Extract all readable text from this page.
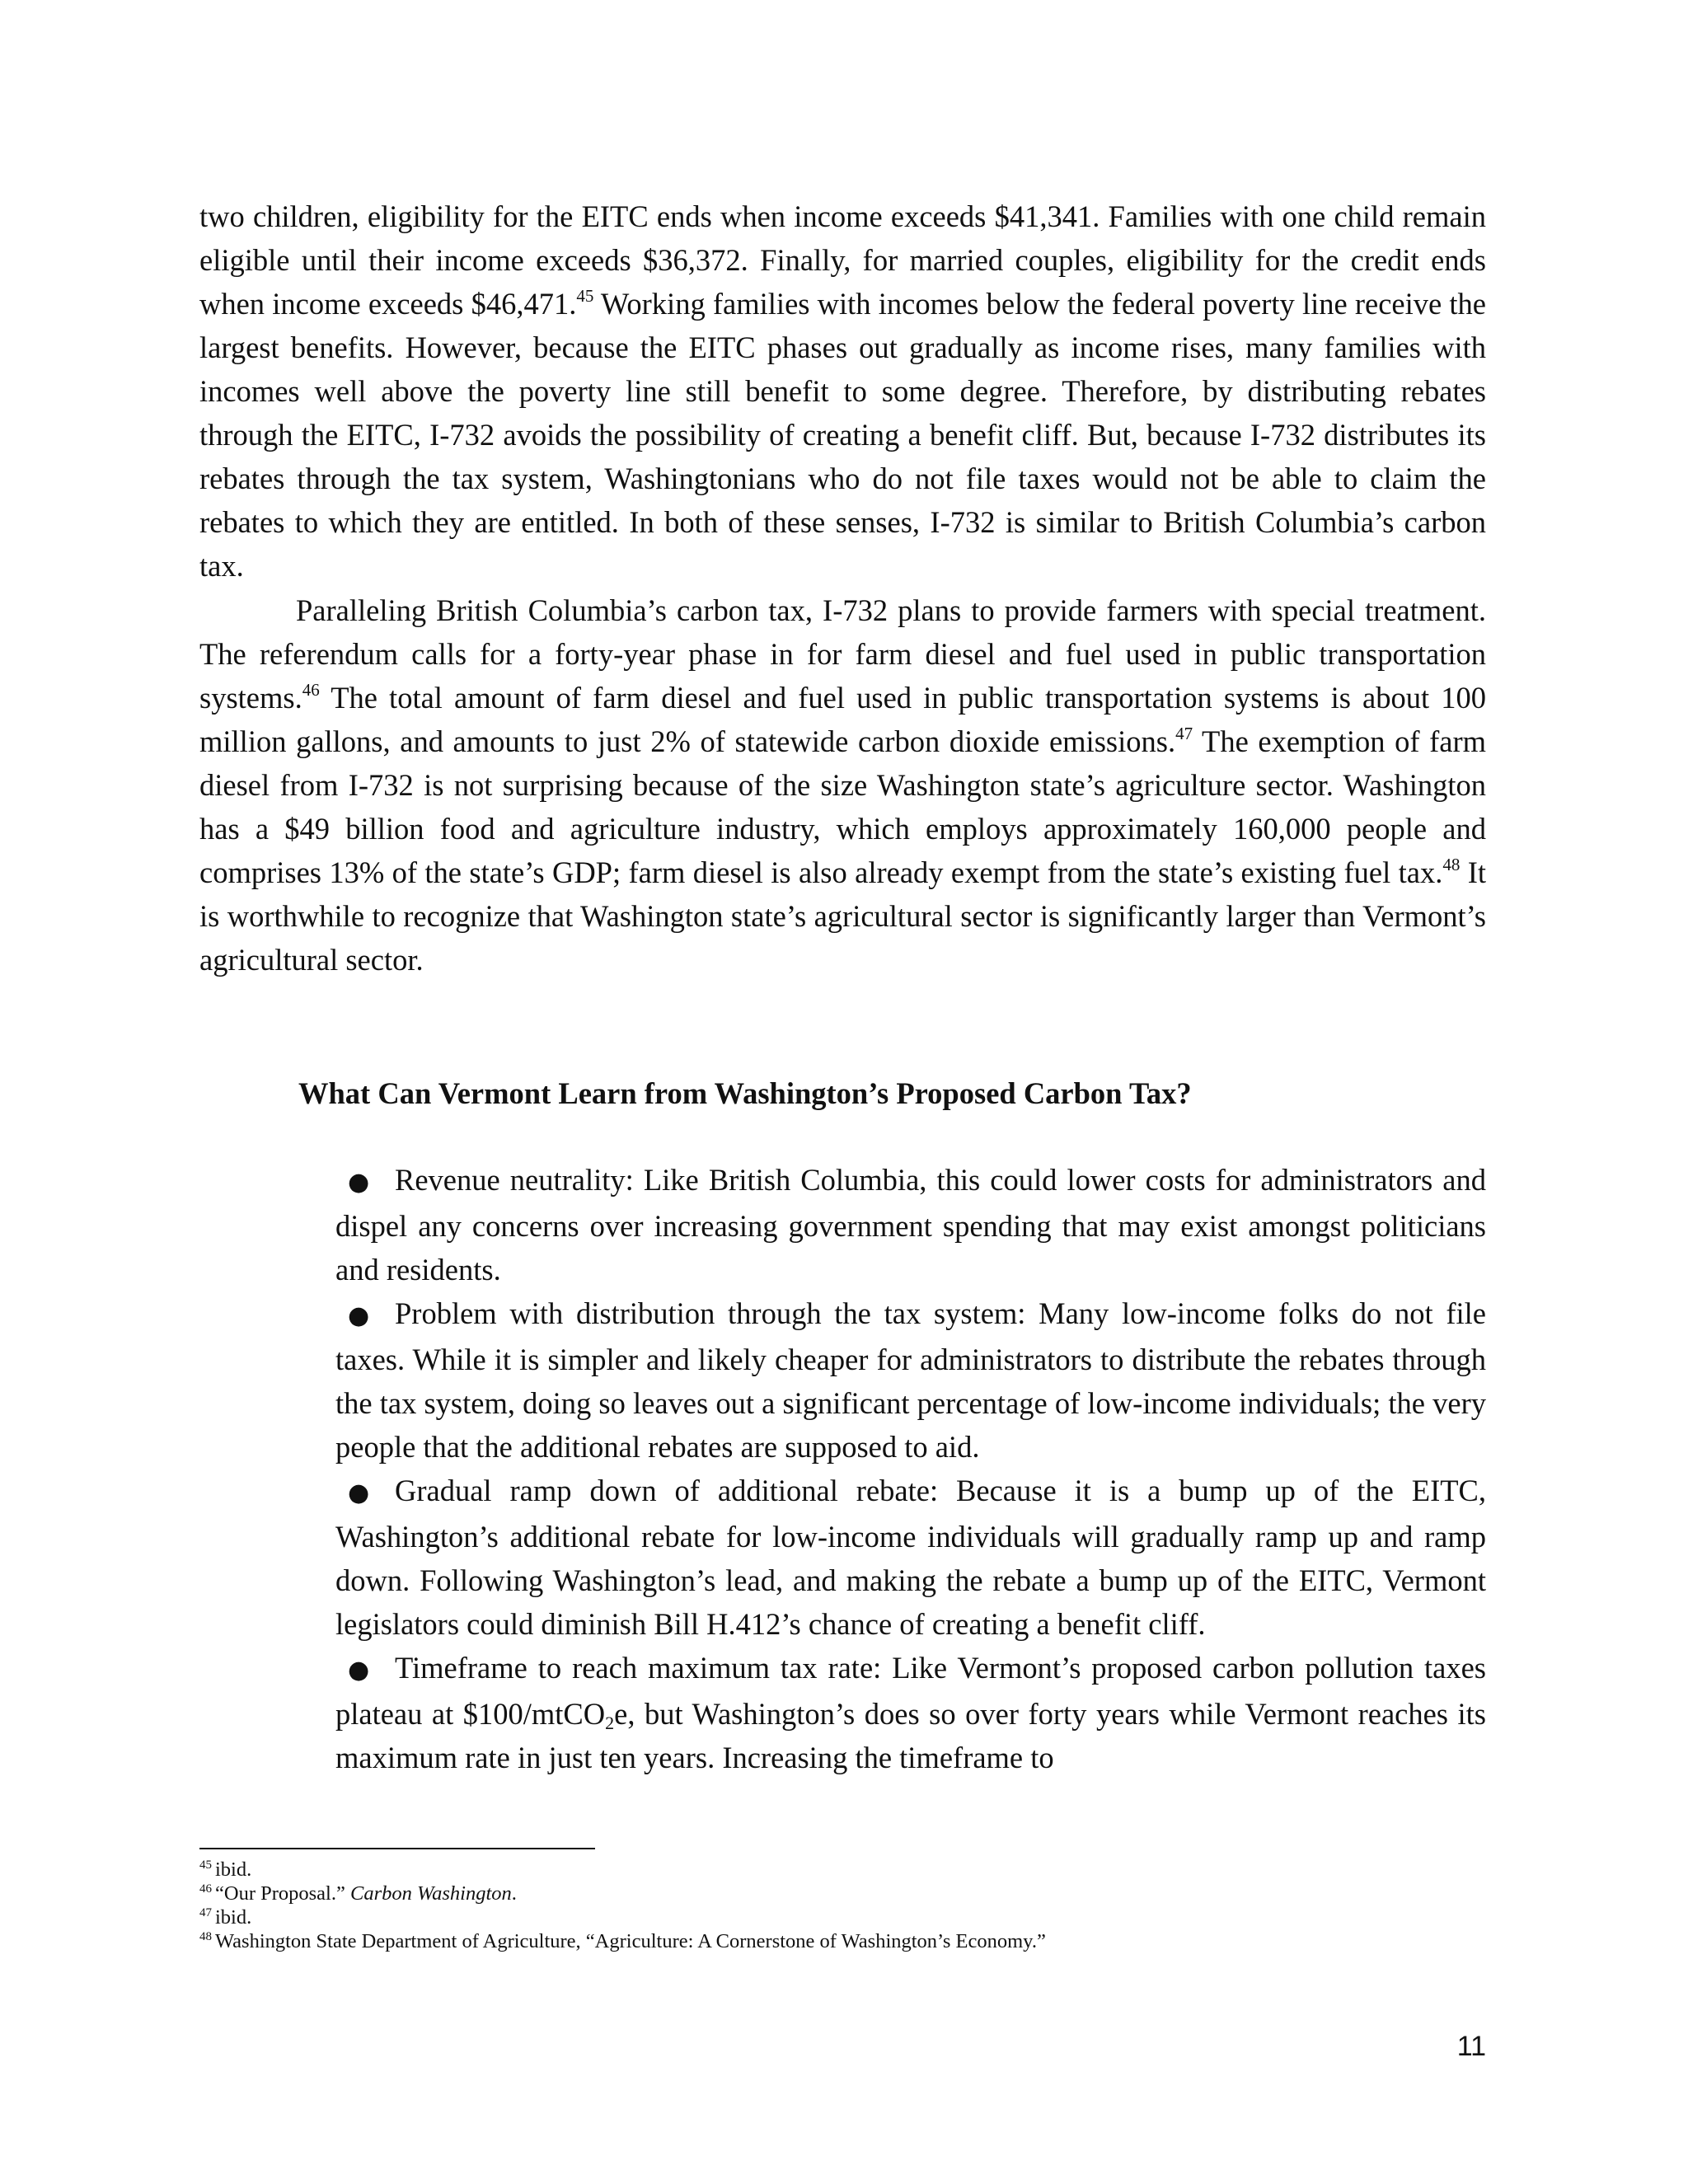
two children, eligibility for the EITC ends when income exceeds $41,341. Families with one child remain eligible until their income exceeds $36,372. Finally, for married couples, eligibility for the credit ends when income exceeds $46,471.45 Working families with incomes below the federal poverty line receive the largest benefits. However, because the EITC phases out gradually as income rises, many families with incomes well above the poverty line still benefit to some degree. Therefore, by distributing rebates through the EITC, I-732 avoids the possibility of creating a benefit cliff. But, because I-732 distributes its rebates through the tax system, Washingtonians who do not file taxes would not be able to claim the rebates to which they are entitled. In both of these senses, I-732 is similar to British Columbia’s carbon tax.
Paralleling British Columbia’s carbon tax, I-732 plans to provide farmers with special treatment. The referendum calls for a forty-year phase in for farm diesel and fuel used in public transportation systems.$^{46}$ The total amount of farm diesel and fuel used in public transportation systems is about 100 million gallons, and amounts to just 2% of statewide carbon dioxide emissions.$^{47}$ The exemption of farm diesel from I-732 is not surprising because of the size Washington state’s agriculture sector. Washington has a $49 billion food and agriculture industry, which employs approximately 160,000 people and comprises 13% of the state’s GDP; farm diesel is also already exempt from the state’s existing fuel tax.$^{48}$ It is worthwhile to recognize that Washington state’s agricultural sector is significantly larger than Vermont’s agricultural sector.
What Can Vermont Learn from Washington’s Proposed Carbon Tax?
● Revenue neutrality: Like British Columbia, this could lower costs for administrators and dispel any concerns over increasing government spending that may exist amongst politicians and residents.
● Problem with distribution through the tax system: Many low-income folks do not file taxes. While it is simpler and likely cheaper for administrators to distribute the rebates through the tax system, doing so leaves out a significant percentage of low-income individuals; the very people that the additional rebates are supposed to aid.
● Gradual ramp down of additional rebate: Because it is a bump up of the EITC, Washington’s additional rebate for low-income individuals will gradually ramp up and ramp down. Following Washington’s lead, and making the rebate a bump up of the EITC, Vermont legislators could diminish Bill H.412’s chance of creating a benefit cliff.
● Timeframe to reach maximum tax rate: Like Vermont’s proposed carbon pollution taxes plateau at $100/mtCO$_2$e, but Washington’s does so over forty years while Vermont reaches its maximum rate in just ten years. Increasing the timeframe to
$^{45}$ ibid.
$^{46}$ “Our Proposal.” Carbon Washington.
$^{47}$ ibid.
$^{48}$ Washington State Department of Agriculture, “Agriculture: A Cornerstone of Washington’s Economy.”
11
